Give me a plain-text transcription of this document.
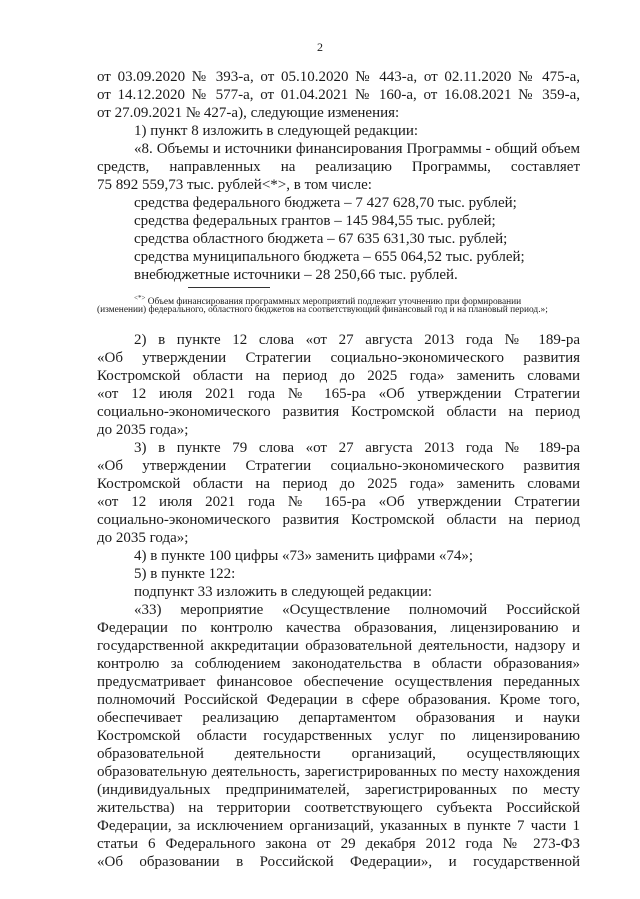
2
от 03.09.2020 № 393-а, от 05.10.2020 № 443-а, от 02.11.2020 № 475-а,
от 14.12.2020 № 577-а, от 01.04.2021 № 160-а, от 16.08.2021 № 359-а,
от 27.09.2021 № 427-а), следующие изменения:
1) пункт 8 изложить в следующей редакции:
«8. Объемы и источники финансирования Программы - общий объем
средств, направленных на реализацию Программы, составляет
75 892 559,73 тыс. рублей<*>, в том числе:
средства федерального бюджета – 7 427 628,70 тыс. рублей;
средства федеральных грантов – 145 984,55 тыс. рублей;
средства областного бюджета – 67 635 631,30 тыс. рублей;
средства муниципального бюджета – 655 064,52 тыс. рублей;
внебюджетные источники – 28 250,66 тыс. рублей.
<*> Объем финансирования программных мероприятий подлежит уточнению при формировании
(изменении) федерального, областного бюджетов на соответствующий финансовый год и на плановый период.»;
2) в пункте 12 слова «от 27 августа 2013 года № 189-ра
«Об утверждении Стратегии социально-экономического развития
Костромской области на период до 2025 года» заменить словами
«от 12 июля 2021 года № 165-ра «Об утверждении Стратегии
социально-экономического развития Костромской области на период
до 2035 года»;
3) в пункте 79 слова «от 27 августа 2013 года № 189-ра
«Об утверждении Стратегии социально-экономического развития
Костромской области на период до 2025 года» заменить словами
«от 12 июля 2021 года № 165-ра «Об утверждении Стратегии
социально-экономического развития Костромской области на период
до 2035 года»;
4) в пункте 100 цифры «73» заменить цифрами «74»;
5) в пункте 122:
подпункт 33 изложить в следующей редакции:
«33) мероприятие «Осуществление полномочий Российской
Федерации по контролю качества образования, лицензированию и
государственной аккредитации образовательной деятельности, надзору и
контролю за соблюдением законодательства в области образования»
предусматривает финансовое обеспечение осуществления переданных
полномочий Российской Федерации в сфере образования. Кроме того,
обеспечивает реализацию департаментом образования и науки
Костромской области государственных услуг по лицензированию
образовательной деятельности организаций, осуществляющих
образовательную деятельность, зарегистрированных по месту нахождения
(индивидуальных предпринимателей, зарегистрированных по месту
жительства) на территории соответствующего субъекта Российской
Федерации, за исключением организаций, указанных в пункте 7 части 1
статьи 6 Федерального закона от 29 декабря 2012 года № 273-ФЗ
«Об образовании в Российской Федерации», и государственной
